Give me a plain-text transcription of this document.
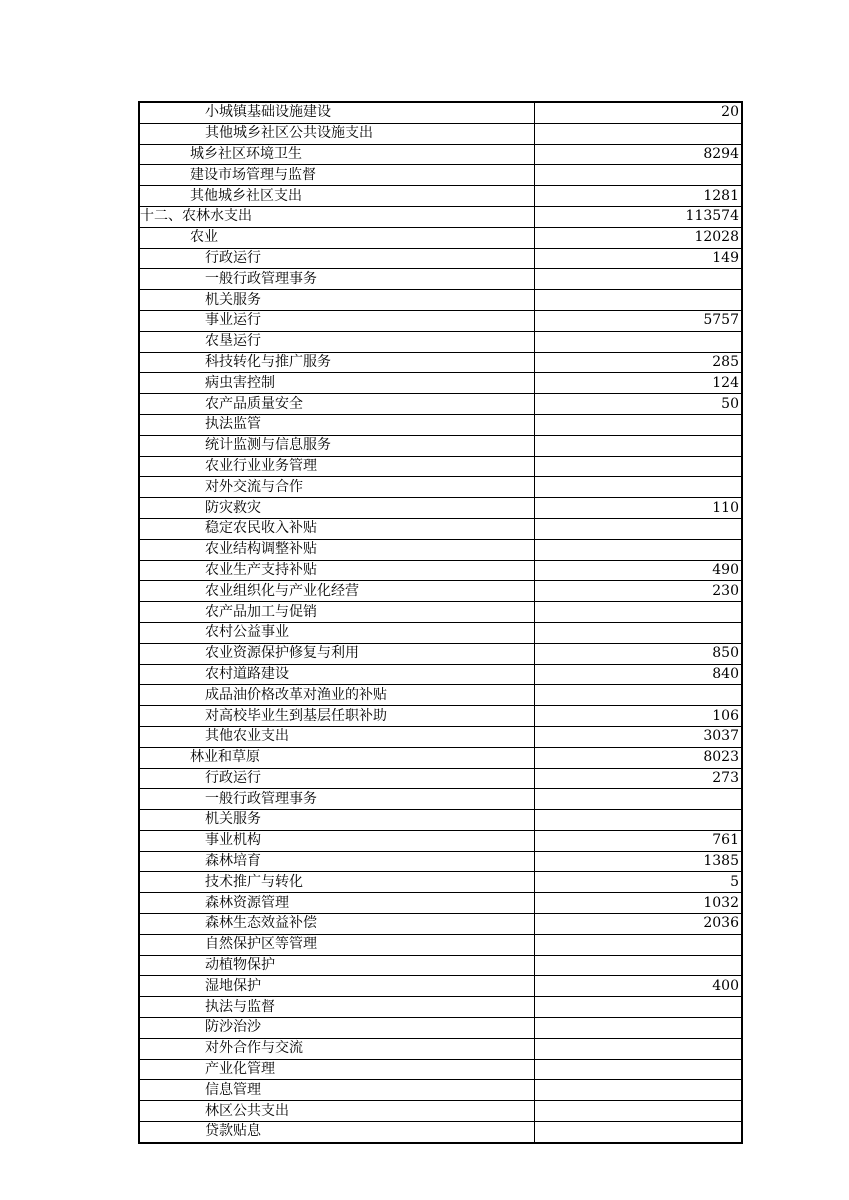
小城镇基础设施建设	20
其他城乡社区公共设施支出	
城乡社区环境卫生	8294
建设市场管理与监督	
其他城乡社区支出	1281
十二、农林水支出	113574
农业	12028
行政运行	149
一般行政管理事务	
机关服务	
事业运行	5757
农垦运行	
科技转化与推广服务	285
病虫害控制	124
农产品质量安全	50
执法监管	
统计监测与信息服务	
农业行业业务管理	
对外交流与合作	
防灾救灾	110
稳定农民收入补贴	
农业结构调整补贴	
农业生产支持补贴	490
农业组织化与产业化经营	230
农产品加工与促销	
农村公益事业	
农业资源保护修复与利用	850
农村道路建设	840
成品油价格改革对渔业的补贴	
对高校毕业生到基层任职补助	106
其他农业支出	3037
林业和草原	8023
行政运行	273
一般行政管理事务	
机关服务	
事业机构	761
森林培育	1385
技术推广与转化	5
森林资源管理	1032
森林生态效益补偿	2036
自然保护区等管理	
动植物保护	
湿地保护	400
执法与监督	
防沙治沙	
对外合作与交流	
产业化管理	
信息管理	
林区公共支出	
贷款贴息	
